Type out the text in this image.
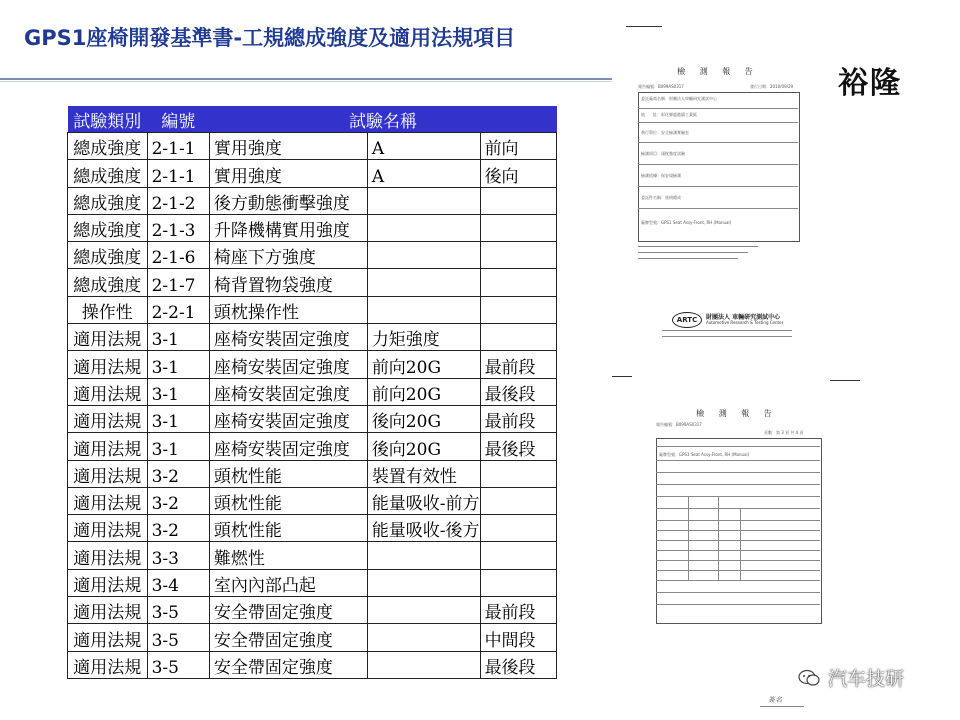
GPS1座椅開發基準書-工規總成強度及適用法規項目
裕隆
試驗類別	編號	試驗名稱		
總成強度	2-1-1	實用強度	A	前向
總成強度	2-1-1	實用強度	A	後向
總成強度	2-1-2	後方動態衝擊強度		
總成強度	2-1-3	升降機構實用強度		
總成強度	2-1-6	椅座下方強度		
總成強度	2-1-7	椅背置物袋強度		
操作性	2-2-1	頭枕操作性		
適用法規	3-1	座椅安裝固定強度	力矩強度	
適用法規	3-1	座椅安裝固定強度	前向20G	最前段
適用法規	3-1	座椅安裝固定強度	前向20G	最後段
適用法規	3-1	座椅安裝固定強度	後向20G	最前段
適用法規	3-1	座椅安裝固定強度	後向20G	最後段
適用法規	3-2	頭枕性能	裝置有效性	
適用法規	3-2	頭枕性能	能量吸收-前方	
適用法規	3-2	頭枕性能	能量吸收-後方	
適用法規	3-3	難燃性		
適用法規	3-4	室內內部凸起		
適用法規	3-5	安全帶固定強度		最前段
適用法規	3-5	安全帶固定強度		中間段
適用法規	3-5	安全帶固定強度		最後段
檢 測 報 告
報告編號：B099AS0317	發行日期：2010/09/29
委託廠商名稱：財團法人車輛研究測試中心
地　　址：彰化縣鹿港鎮工業區
執行單位：安全檢測實驗室
檢測項目：頭枕強度試驗
檢測依據：保安規檢測
委託件名稱：座椅總成
廠牌型號：GPS1 Seat Assy-Front, RH (Manual)
ARTC	財團法人 車輛研究測試中心
Automotive Research & Testing Center
檢 測 報 告
報告編號：B099AS0317
頁數：第 3 頁 共 4 頁
廠牌型號：GPS1 Seat Assy-Front, RH (Manual)
簽名
汽车技研
